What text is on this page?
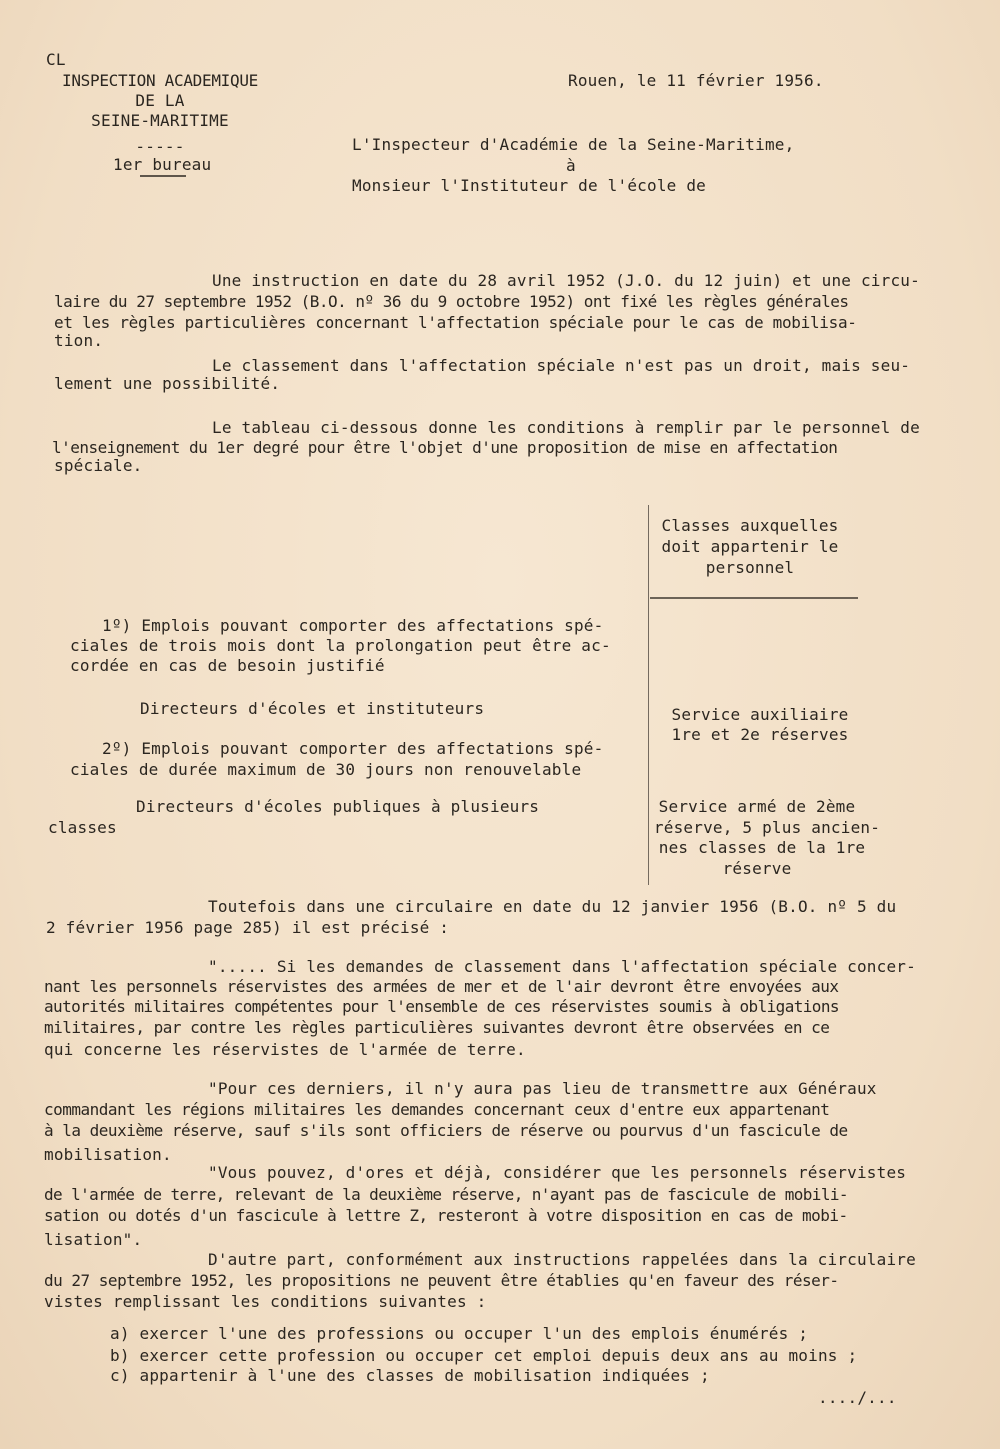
CL
INSPECTION ACADEMIQUE
DE LA
SEINE-MARITIME
-----
1er bureau
Rouen, le 11 février 1956.
L'Inspecteur d'Académie de la Seine-Maritime,
à
Monsieur l'Instituteur de l'école de
Une instruction en date du 28 avril 1952 (J.O. du 12 juin) et une circu-
laire du 27 septembre 1952 (B.O. nº 36 du 9 octobre 1952) ont fixé les règles générales
et les règles particulières concernant l'affectation spéciale pour le cas de mobilisa-
tion.
Le classement dans l'affectation spéciale n'est pas un droit, mais seu-
lement une possibilité.
Le tableau ci-dessous donne les conditions à remplir par le personnel de
l'enseignement du 1er degré pour être l'objet d'une proposition de mise en affectation
spéciale.
Classes auxquelles
doit appartenir le
personnel
1º) Emplois pouvant comporter des affectations spé-
ciales de trois mois dont la prolongation peut être ac-
cordée en cas de besoin justifié
Directeurs d'écoles et instituteurs	Service auxiliaire
1re et 2e réserves
2º) Emplois pouvant comporter des affectations spé-
ciales de durée maximum de 30 jours non renouvelable
Directeurs d'écoles publiques à plusieurs
classes
Service armé de 2ème
réserve, 5 plus ancien-
nes classes de la 1re
réserve
Toutefois dans une circulaire en date du 12 janvier 1956 (B.O. nº 5 du
2 février 1956 page 285) il est précisé :
"..... Si les demandes de classement dans l'affectation spéciale concer-
nant les personnels réservistes des armées de mer et de l'air devront être envoyées aux
autorités militaires compétentes pour l'ensemble de ces réservistes soumis à obligations
militaires, par contre les règles particulières suivantes devront être observées en ce
qui concerne les réservistes de l'armée de terre.
"Pour ces derniers, il n'y aura pas lieu de transmettre aux Généraux
commandant les régions militaires les demandes concernant ceux d'entre eux appartenant
à la deuxième réserve, sauf s'ils sont officiers de réserve ou pourvus d'un fascicule de
mobilisation.
"Vous pouvez, d'ores et déjà, considérer que les personnels réservistes
de l'armée de terre, relevant de la deuxième réserve, n'ayant pas de fascicule de mobili-
sation ou dotés d'un fascicule à lettre Z, resteront à votre disposition en cas de mobi-
lisation".
D'autre part, conformément aux instructions rappelées dans la circulaire
du 27 septembre 1952, les propositions ne peuvent être établies qu'en faveur des réser-
vistes remplissant les conditions suivantes :
a) exercer l'une des professions ou occuper l'un des emplois énumérés ;
b) exercer cette profession ou occuper cet emploi depuis deux ans au moins ;
c) appartenir à l'une des classes de mobilisation indiquées ;
..../...
